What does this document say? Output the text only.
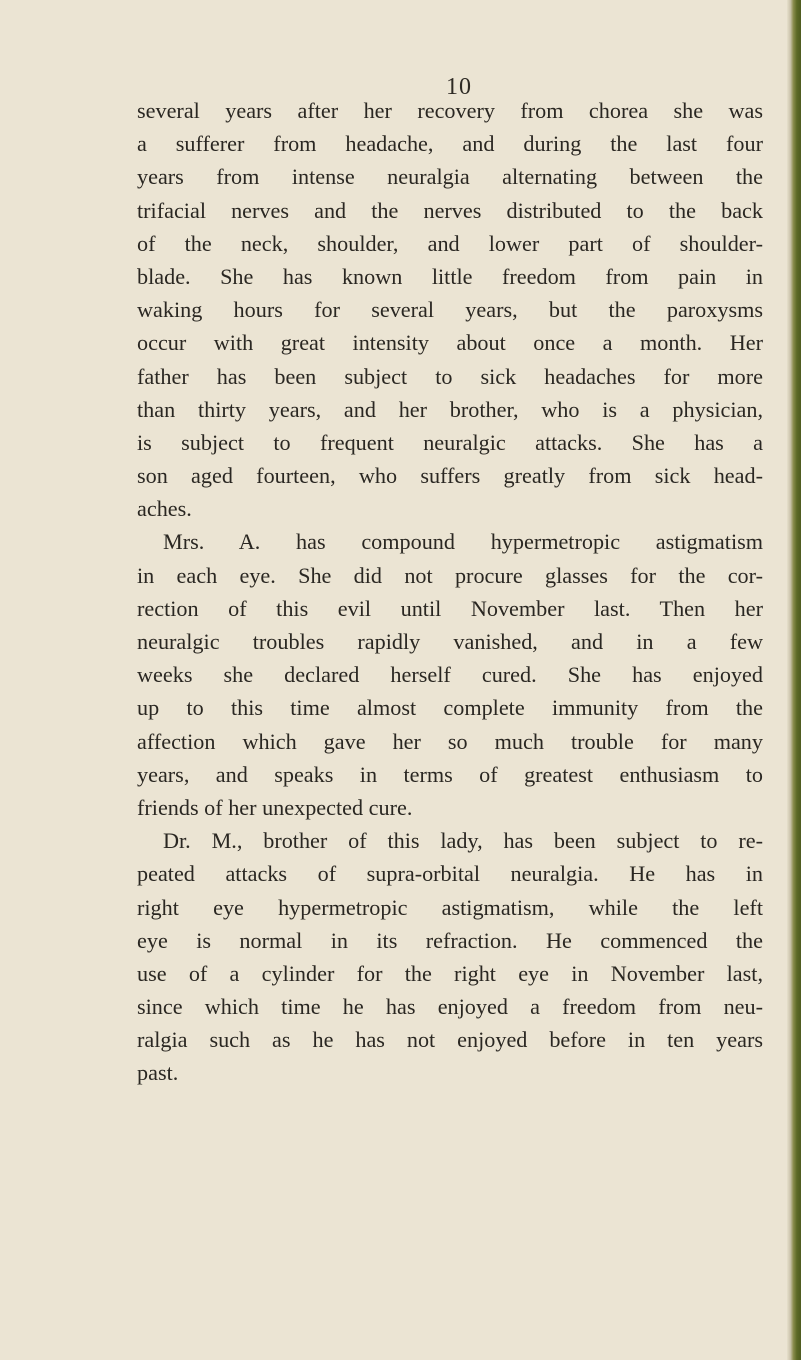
10
several years after her recovery from chorea she was
a sufferer from headache, and during the last four
years from intense neuralgia alternating between the
trifacial nerves and the nerves distributed to the back
of the neck, shoulder, and lower part of shoulder-
blade. She has known little freedom from pain in
waking hours for several years, but the paroxysms
occur with great intensity about once a month. Her
father has been subject to sick headaches for more
than thirty years, and her brother, who is a physician,
is subject to frequent neuralgic attacks. She has a
son aged fourteen, who suffers greatly from sick head-
aches.
Mrs. A. has compound hypermetropic astigmatism
in each eye. She did not procure glasses for the cor-
rection of this evil until November last. Then her
neuralgic troubles rapidly vanished, and in a few
weeks she declared herself cured. She has enjoyed
up to this time almost complete immunity from the
affection which gave her so much trouble for many
years, and speaks in terms of greatest enthusiasm to
friends of her unexpected cure.
Dr. M., brother of this lady, has been subject to re-
peated attacks of supra-orbital neuralgia. He has in
right eye hypermetropic astigmatism, while the left
eye is normal in its refraction. He commenced the
use of a cylinder for the right eye in November last,
since which time he has enjoyed a freedom from neu-
ralgia such as he has not enjoyed before in ten years
past.
